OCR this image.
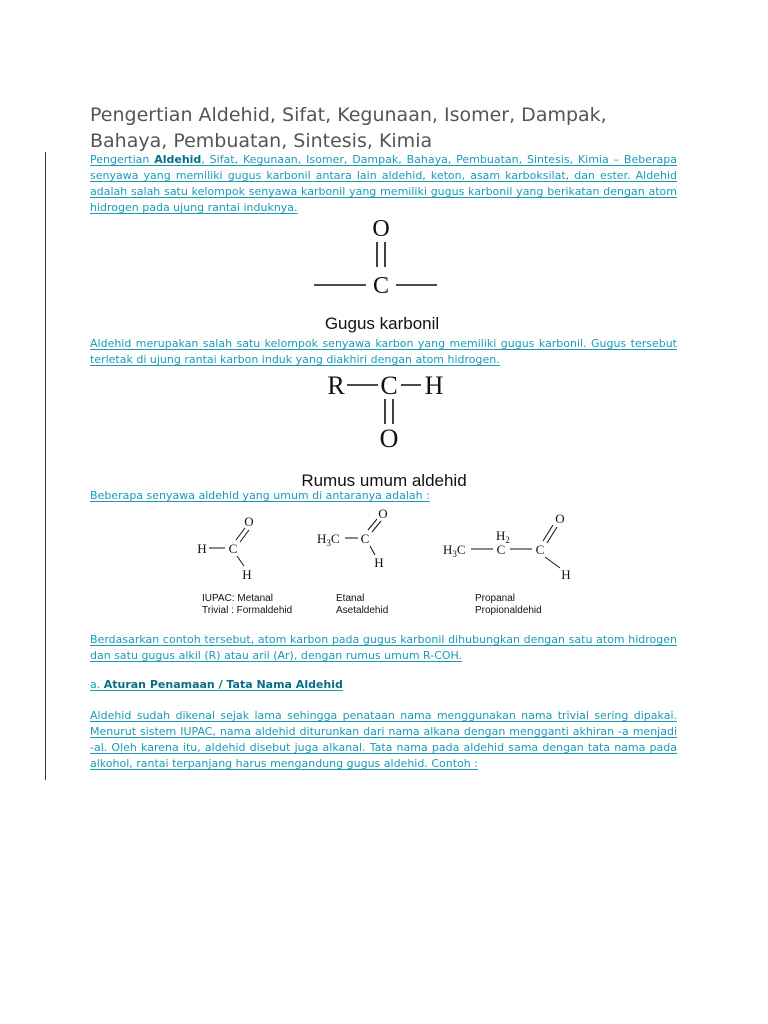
Pengertian Aldehid, Sifat, Kegunaan, Isomer, Dampak, Bahaya, Pembuatan, Sintesis, Kimia

Pengertian Aldehid, Sifat, Kegunaan, Isomer, Dampak, Bahaya, Pembuatan, Sintesis, Kimia – Beberapa senyawa yang memiliki gugus karbonil antara lain aldehid, keton, asam karboksilat, dan ester. Aldehid adalah salah satu kelompok senyawa karbonil yang memiliki gugus karbonil yang berikatan dengan atom hidrogen pada ujung rantai induknya.

O
C
Gugus karbonil

Aldehid merupakan salah satu kelompok senyawa karbon yang memiliki gugus karbonil. Gugus tersebut terletak di ujung rantai karbon induk yang diakhiri dengan atom hidrogen.

R C H
O
Rumus umum aldehid

Beberapa senyawa aldehid yang umum di antaranya adalah :

H C
O
H
IUPAC: Metanal
Trivial : Formaldehid
$H_3C$ C
O
H
Etanal
Asetaldehid
$H_3C$
$H_2$
C C
O
H
Propanal
Propionaldehid

Berdasarkan contoh tersebut, atom karbon pada gugus karbonil dihubungkan dengan satu atom hidrogen dan satu gugus alkil (R) atau aril (Ar), dengan rumus umum R-COH.

a. Aturan Penamaan / Tata Nama Aldehid

Aldehid sudah dikenal sejak lama sehingga penataan nama menggunakan nama trivial sering dipakai. Menurut sistem IUPAC, nama aldehid diturunkan dari nama alkana dengan mengganti akhiran -a menjadi -al. Oleh karena itu, aldehid disebut juga alkanal. Tata nama pada aldehid sama dengan tata nama pada alkohol, rantai terpanjang harus mengandung gugus aldehid. Contoh :
